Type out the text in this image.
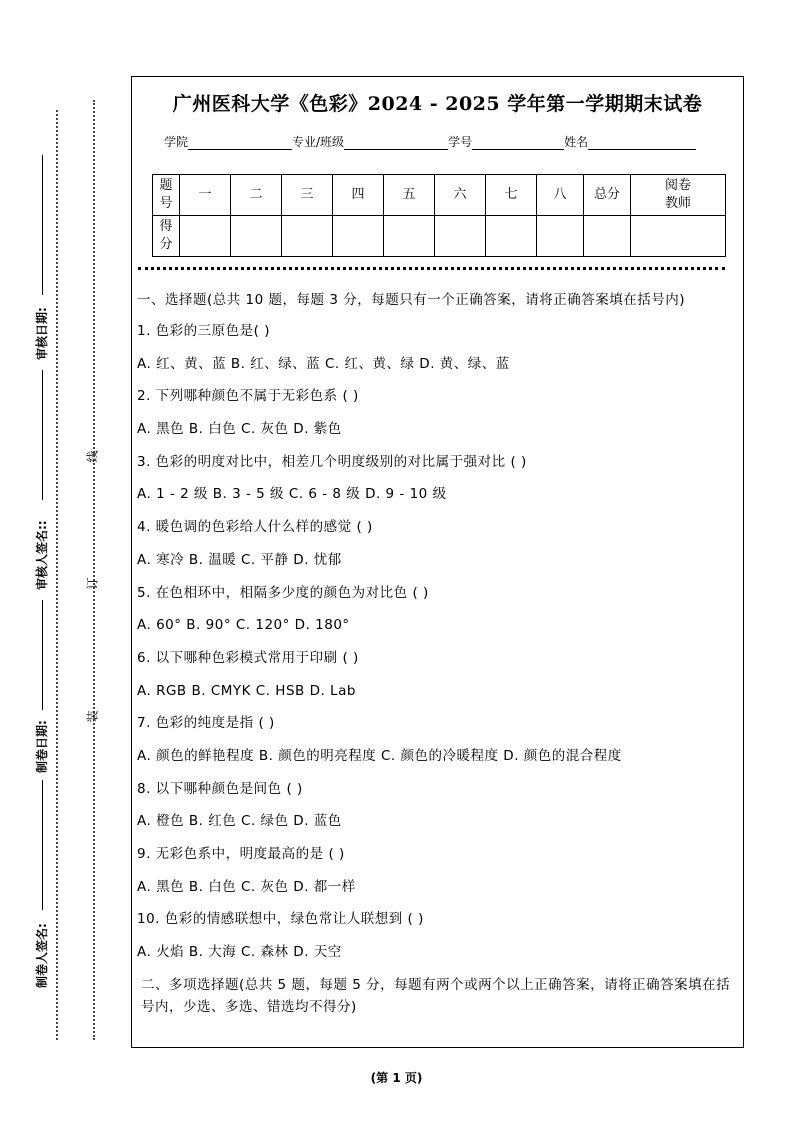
审核日期:
审核人签名::
制卷日期:
制卷人签名:
线
订
装
广州医科大学《色彩》2024 - 2025 学年第一学期期末试卷
学院	专业/班级	学号	姓名
题
号	一	二	三	四	五	六	七	八	总分	阅卷
教师
得
分										
一、选择题(总共 10 题，每题 3 分，每题只有一个正确答案，请将正确答案填在括号内)
1. 色彩的三原色是( )
A. 红、黄、蓝 B. 红、绿、蓝 C. 红、黄、绿 D. 黄、绿、蓝
2. 下列哪种颜色不属于无彩色系 ( )
A. 黑色 B. 白色 C. 灰色 D. 紫色
3. 色彩的明度对比中，相差几个明度级别的对比属于强对比 ( )
A. 1 - 2 级 B. 3 - 5 级 C. 6 - 8 级 D. 9 - 10 级
4. 暖色调的色彩给人什么样的感觉 ( )
A. 寒冷 B. 温暖 C. 平静 D. 忧郁
5. 在色相环中，相隔多少度的颜色为对比色 ( )
A. 60° B. 90° C. 120° D. 180°
6. 以下哪种色彩模式常用于印刷 ( )
A. RGB B. CMYK C. HSB D. Lab
7. 色彩的纯度是指 ( )
A. 颜色的鲜艳程度 B. 颜色的明亮程度 C. 颜色的冷暖程度 D. 颜色的混合程度
8. 以下哪种颜色是间色 ( )
A. 橙色 B. 红色 C. 绿色 D. 蓝色
9. 无彩色系中，明度最高的是 ( )
A. 黑色 B. 白色 C. 灰色 D. 都一样
10. 色彩的情感联想中，绿色常让人联想到 ( )
A. 火焰 B. 大海 C. 森林 D. 天空
二、多项选择题(总共 5 题，每题 5 分，每题有两个或两个以上正确答案，请将正确答案填在括号内，少选、多选、错选均不得分)
(第 1 页)
